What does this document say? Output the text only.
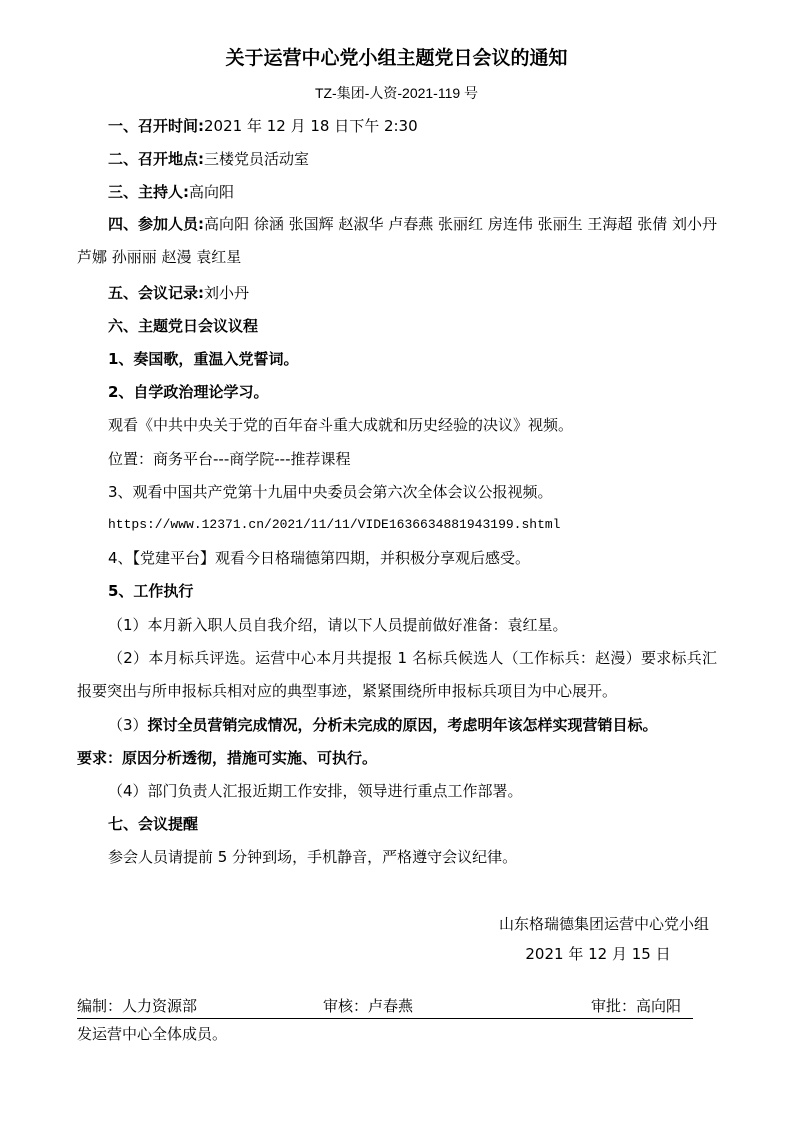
关于运营中心党小组主题党日会议的通知
TZ-集团-人资-2021-119 号
一、召开时间:2021 年 12 月 18 日下午 2:30
二、召开地点:三楼党员活动室
三、主持人:高向阳
四、参加人员:高向阳 徐涵 张国辉 赵淑华 卢春燕 张丽红 房连伟 张丽生 王海超 张倩 刘小丹 芦娜 孙丽丽 赵漫 袁红星
五、会议记录:刘小丹
六、主题党日会议议程
1、奏国歌，重温入党誓词。
2、自学政治理论学习。
观看《中共中央关于党的百年奋斗重大成就和历史经验的决议》视频。
位置：商务平台---商学院---推荐课程
3、观看中国共产党第十九届中央委员会第六次全体会议公报视频。
https://www.12371.cn/2021/11/11/VIDE1636634881943199.shtml
4、【党建平台】观看今日格瑞德第四期，并积极分享观后感受。
5、工作执行
（1）本月新入职人员自我介绍，请以下人员提前做好准备：袁红星。
（2）本月标兵评选。运营中心本月共提报 1 名标兵候选人（工作标兵：赵漫）要求标兵汇报要突出与所申报标兵相对应的典型事迹，紧紧围绕所申报标兵项目为中心展开。
（3）探讨全员营销完成情况，分析未完成的原因，考虑明年该怎样实现营销目标。
要求：原因分析透彻，措施可实施、可执行。
（4）部门负责人汇报近期工作安排，领导进行重点工作部署。
七、会议提醒
参会人员请提前 5 分钟到场，手机静音，严格遵守会议纪律。
山东格瑞德集团运营中心党小组
2021 年 12 月 15 日
编制：人力资源部	审核：卢春燕	审批：高向阳
发运营中心全体成员。
